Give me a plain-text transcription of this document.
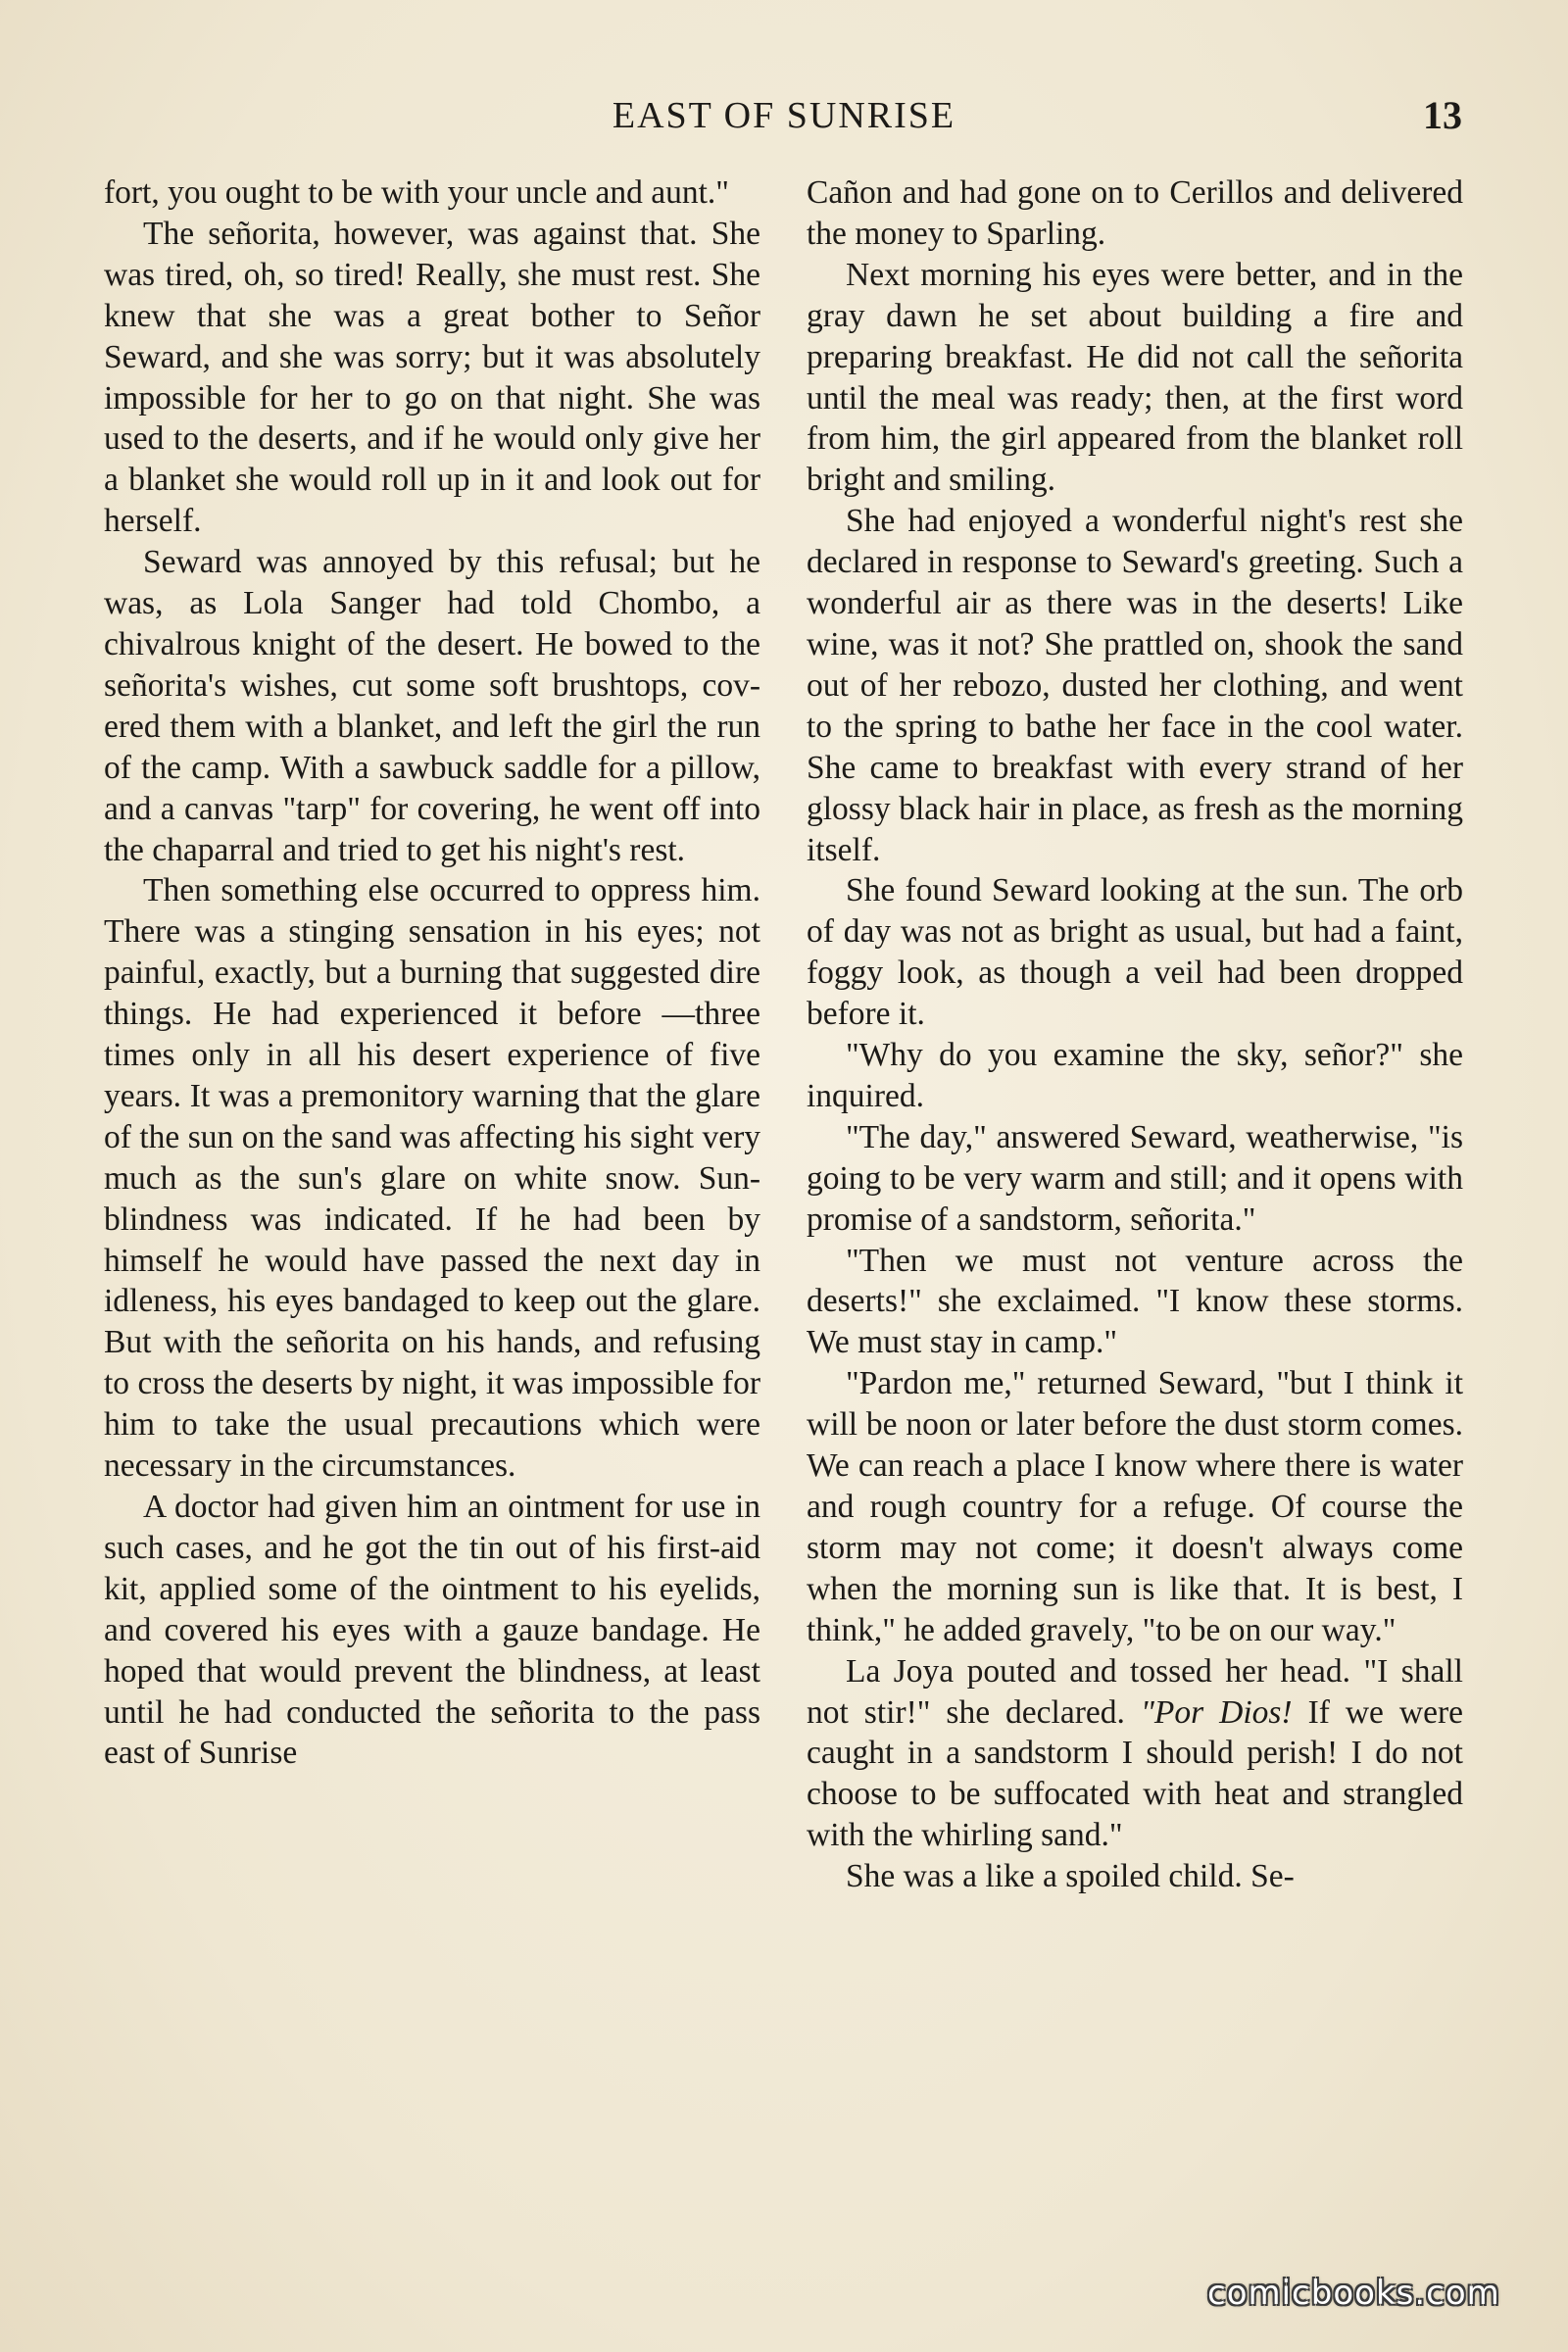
EAST OF SUNRISE	13

fort, you ought to be with your uncle and aunt."

The señorita, however, was against that. She was tired, oh, so tired! Really, she must rest. She knew that she was a great bother to Señor Seward, and she was sorry; but it was absolutely impossible for her to go on that night. She was used to the deserts, and if he would only give her a blanket she would roll up in it and look out for herself.

Seward was annoyed by this refusal; but he was, as Lola Sanger had told Chombo, a chivalrous knight of the desert. He bowed to the señorita's wishes, cut some soft brushtops, covered them with a blanket, and left the girl the run of the camp. With a sawbuck saddle for a pillow, and a canvas "tarp" for covering, he went off into the chaparral and tried to get his night's rest.

Then something else occurred to oppress him. There was a stinging sensation in his eyes; not painful, exactly, but a burning that suggested dire things. He had experienced it before —three times only in all his desert experience of five years. It was a premonitory warning that the glare of the sun on the sand was affecting his sight very much as the sun's glare on white snow. Sun-blindness was indicated. If he had been by himself he would have passed the next day in idleness, his eyes bandaged to keep out the glare. But with the señorita on his hands, and refusing to cross the deserts by night, it was impossible for him to take the usual precautions which were necessary in the circumstances.

A doctor had given him an ointment for use in such cases, and he got the tin out of his first-aid kit, applied some of the ointment to his eyelids, and covered his eyes with a gauze bandage. He hoped that would prevent the blindness, at least until he had conducted the señorita to the pass east of Sunrise

Cañon and had gone on to Cerillos and delivered the money to Sparling.

Next morning his eyes were better, and in the gray dawn he set about building a fire and preparing breakfast. He did not call the señorita until the meal was ready; then, at the first word from him, the girl appeared from the blanket roll bright and smiling.

She had enjoyed a wonderful night's rest she declared in response to Seward's greeting. Such a wonderful air as there was in the deserts! Like wine, was it not? She prattled on, shook the sand out of her rebozo, dusted her clothing, and went to the spring to bathe her face in the cool water. She came to breakfast with every strand of her glossy black hair in place, as fresh as the morning itself.

She found Seward looking at the sun. The orb of day was not as bright as usual, but had a faint, foggy look, as though a veil had been dropped before it.

"Why do you examine the sky, señor?" she inquired.

"The day," answered Seward, weatherwise, "is going to be very warm and still; and it opens with promise of a sandstorm, señorita."

"Then we must not venture across the deserts!" she exclaimed. "I know these storms. We must stay in camp."

"Pardon me," returned Seward, "but I think it will be noon or later before the dust storm comes. We can reach a place I know where there is water and rough country for a refuge. Of course the storm may not come; it doesn't always come when the morning sun is like that. It is best, I think," he added gravely, "to be on our way."

La Joya pouted and tossed her head. "I shall not stir!" she declared. "Por Dios! If we were caught in a sandstorm I should perish! I do not choose to be suffocated with heat and strangled with the whirling sand."

She was a like a spoiled child. Se-

comicbooks.com
